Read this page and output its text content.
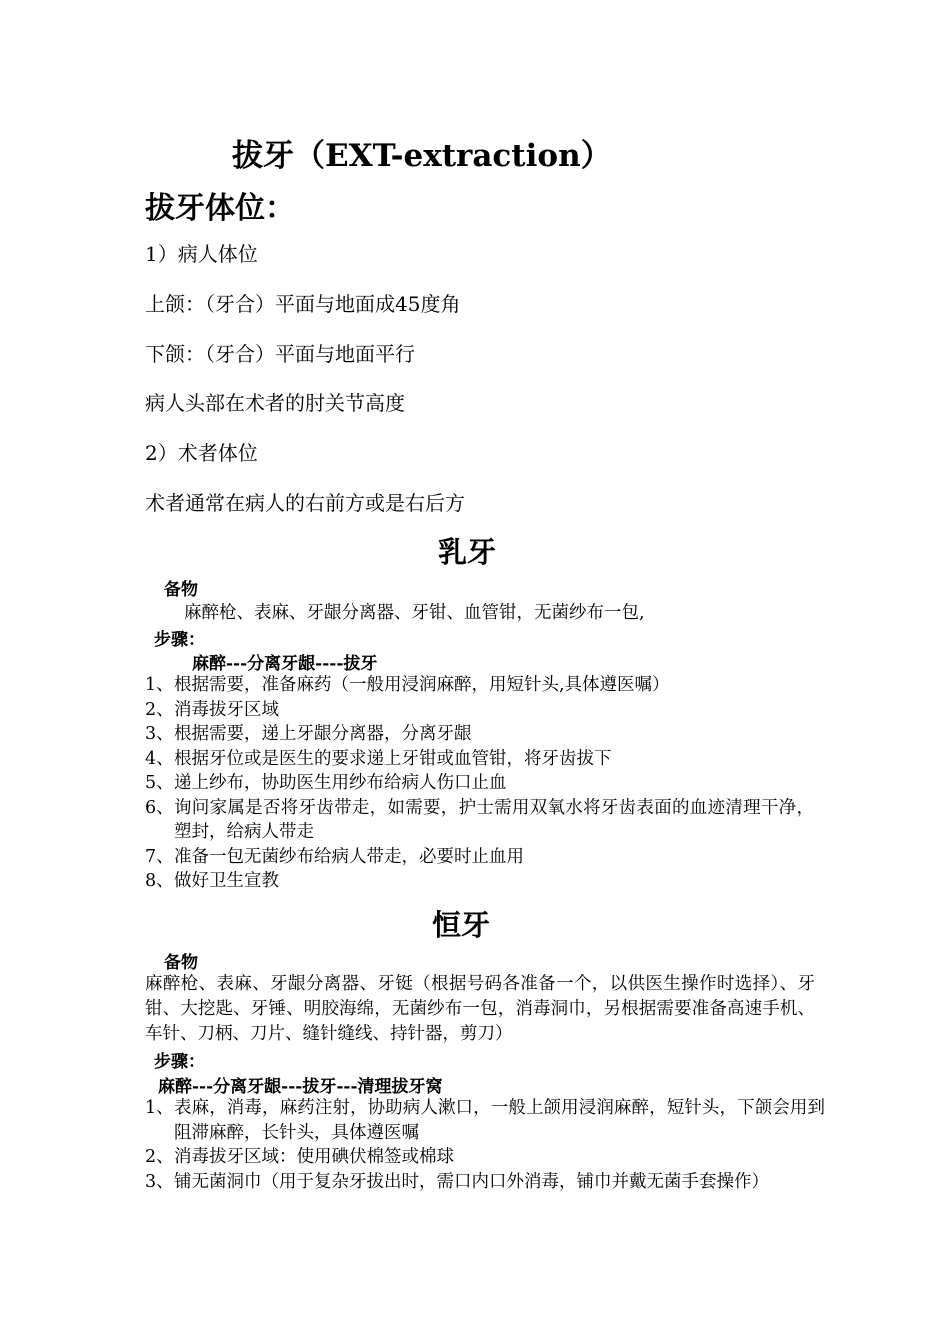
拔牙（EXT-extraction）
拔牙体位：
1）病人体位
上颌：（牙合）平面与地面成45度角
下颌：（牙合）平面与地面平行
病人头部在术者的肘关节高度
2）术者体位
术者通常在病人的右前方或是右后方
乳牙
备物
麻醉枪、表麻、牙龈分离器、牙钳、血管钳，无菌纱布一包,
步骤：
麻醉---分离牙龈----拔牙
1、 根据需要，准备麻药（一般用浸润麻醉，用短针头,具体遵医嘱）
2、 消毒拔牙区域
3、 根据需要，递上牙龈分离器，分离牙龈
4、 根据牙位或是医生的要求递上牙钳或血管钳，将牙齿拔下
5、 递上纱布，协助医生用纱布给病人伤口止血
6、 询问家属是否将牙齿带走，如需要，护士需用双氧水将牙齿表面的血迹清理干净，塑封，给病人带走
7、 准备一包无菌纱布给病人带走，必要时止血用
8、 做好卫生宣教
恒牙
备物
麻醉枪、表麻、牙龈分离器、牙铤（根据号码各准备一个，以供医生操作时选择）、牙钳、大挖匙、牙锤、明胶海绵，无菌纱布一包，消毒洞巾，另根据需要准备高速手机、车针、刀柄、刀片、缝针缝线、持针器，剪刀）
步骤：
麻醉---分离牙龈---拔牙---清理拔牙窝
1、 表麻，消毒，麻药注射，协助病人漱口，一般上颌用浸润麻醉，短针头，下颌会用到阻滞麻醉，长针头，具体遵医嘱
2、 消毒拔牙区域：使用碘伏棉签或棉球
3、 铺无菌洞巾（用于复杂牙拔出时，需口内口外消毒，铺巾并戴无菌手套操作）
